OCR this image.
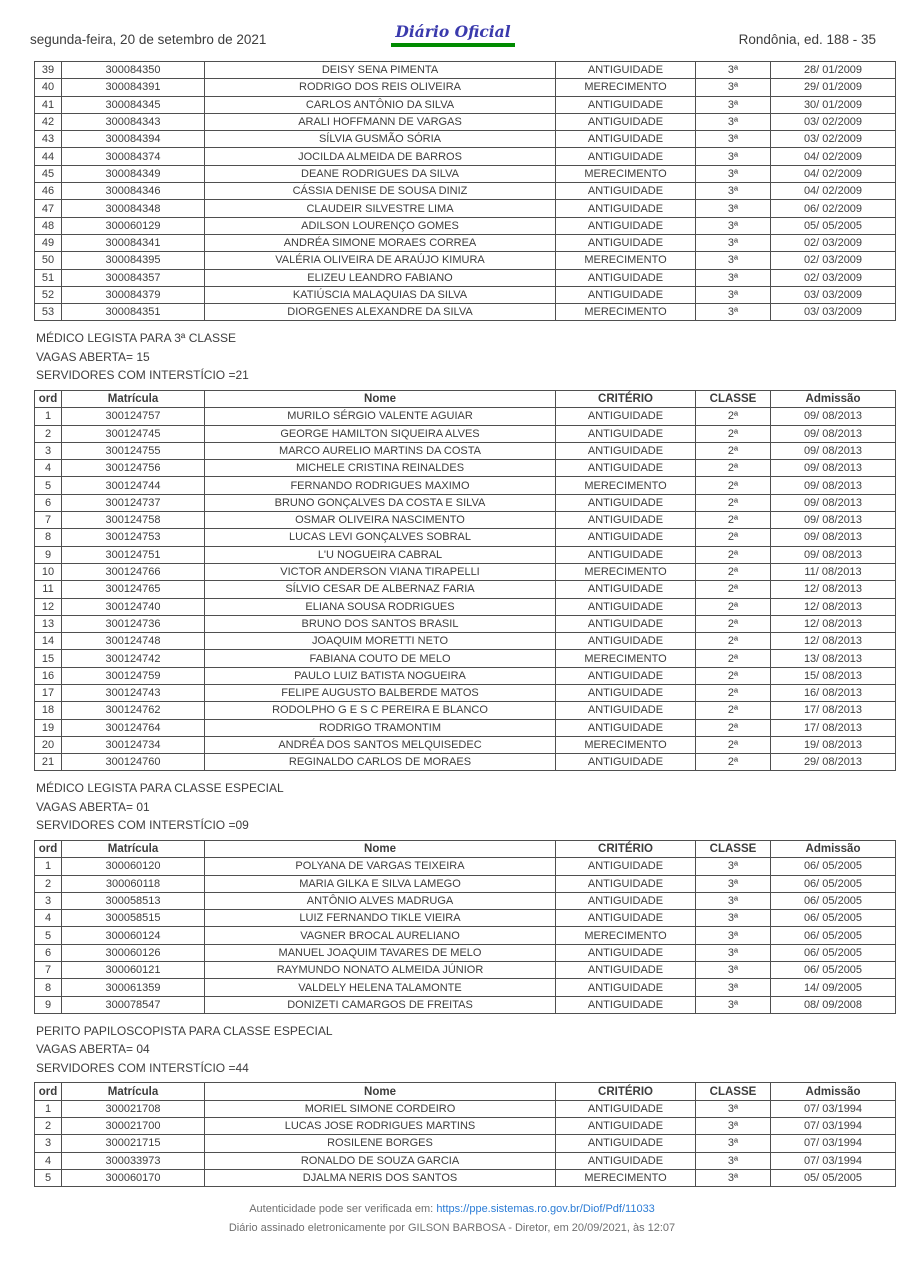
segunda-feira, 20 de setembro de 2021	Diário Oficial	Rondônia, ed. 188 - 35
39	300084350	DEISY SENA PIMENTA	ANTIGUIDADE	3ª	28/ 01/2009
40	300084391	RODRIGO DOS REIS OLIVEIRA	MERECIMENTO	3ª	29/ 01/2009
41	300084345	CARLOS ANTÔNIO DA SILVA	ANTIGUIDADE	3ª	30/ 01/2009
42	300084343	ARALI HOFFMANN DE VARGAS	ANTIGUIDADE	3ª	03/ 02/2009
43	300084394	SÍLVIA GUSMÃO SÓRIA	ANTIGUIDADE	3ª	03/ 02/2009
44	300084374	JOCILDA ALMEIDA DE BARROS	ANTIGUIDADE	3ª	04/ 02/2009
45	300084349	DEANE RODRIGUES DA SILVA	MERECIMENTO	3ª	04/ 02/2009
46	300084346	CÁSSIA DENISE DE SOUSA DINIZ	ANTIGUIDADE	3ª	04/ 02/2009
47	300084348	CLAUDEIR SILVESTRE LIMA	ANTIGUIDADE	3ª	06/ 02/2009
48	300060129	ADILSON LOURENÇO GOMES	ANTIGUIDADE	3ª	05/ 05/2005
49	300084341	ANDRÉA SIMONE MORAES CORREA	ANTIGUIDADE	3ª	02/ 03/2009
50	300084395	VALÉRIA OLIVEIRA DE ARAÚJO KIMURA	MERECIMENTO	3ª	02/ 03/2009
51	300084357	ELIZEU LEANDRO FABIANO	ANTIGUIDADE	3ª	02/ 03/2009
52	300084379	KATIÚSCIA MALAQUIAS DA SILVA	ANTIGUIDADE	3ª	03/ 03/2009
53	300084351	DIORGENES ALEXANDRE DA SILVA	MERECIMENTO	3ª	03/ 03/2009
MÉDICO LEGISTA PARA 3ª CLASSE
VAGAS ABERTA= 15
SERVIDORES COM INTERSTÍCIO =21
ord	Matrícula	Nome	CRITÉRIO	CLASSE	Admissão
1	300124757	MURILO SÉRGIO VALENTE AGUIAR	ANTIGUIDADE	2ª	09/ 08/2013
2	300124745	GEORGE HAMILTON SIQUEIRA ALVES	ANTIGUIDADE	2ª	09/ 08/2013
3	300124755	MARCO AURELIO MARTINS DA COSTA	ANTIGUIDADE	2ª	09/ 08/2013
4	300124756	MICHELE CRISTINA REINALDES	ANTIGUIDADE	2ª	09/ 08/2013
5	300124744	FERNANDO RODRIGUES MAXIMO	MERECIMENTO	2ª	09/ 08/2013
6	300124737	BRUNO GONÇALVES DA COSTA E SILVA	ANTIGUIDADE	2ª	09/ 08/2013
7	300124758	OSMAR OLIVEIRA NASCIMENTO	ANTIGUIDADE	2ª	09/ 08/2013
8	300124753	LUCAS LEVI GONÇALVES SOBRAL	ANTIGUIDADE	2ª	09/ 08/2013
9	300124751	L'U NOGUEIRA CABRAL	ANTIGUIDADE	2ª	09/ 08/2013
10	300124766	VICTOR ANDERSON VIANA TIRAPELLI	MERECIMENTO	2ª	11/ 08/2013
11	300124765	SÍLVIO CESAR DE ALBERNAZ FARIA	ANTIGUIDADE	2ª	12/ 08/2013
12	300124740	ELIANA SOUSA RODRIGUES	ANTIGUIDADE	2ª	12/ 08/2013
13	300124736	BRUNO DOS SANTOS BRASIL	ANTIGUIDADE	2ª	12/ 08/2013
14	300124748	JOAQUIM MORETTI NETO	ANTIGUIDADE	2ª	12/ 08/2013
15	300124742	FABIANA COUTO DE MELO	MERECIMENTO	2ª	13/ 08/2013
16	300124759	PAULO LUIZ BATISTA NOGUEIRA	ANTIGUIDADE	2ª	15/ 08/2013
17	300124743	FELIPE AUGUSTO BALBERDE MATOS	ANTIGUIDADE	2ª	16/ 08/2013
18	300124762	RODOLPHO G E S C PEREIRA E BLANCO	ANTIGUIDADE	2ª	17/ 08/2013
19	300124764	RODRIGO TRAMONTIM	ANTIGUIDADE	2ª	17/ 08/2013
20	300124734	ANDRÉA DOS SANTOS MELQUISEDEC	MERECIMENTO	2ª	19/ 08/2013
21	300124760	REGINALDO CARLOS DE MORAES	ANTIGUIDADE	2ª	29/ 08/2013
MÉDICO LEGISTA PARA CLASSE ESPECIAL
VAGAS ABERTA= 01
SERVIDORES COM INTERSTÍCIO =09
ord	Matrícula	Nome	CRITÉRIO	CLASSE	Admissão
1	300060120	POLYANA DE VARGAS TEIXEIRA	ANTIGUIDADE	3ª	06/ 05/2005
2	300060118	MARIA GILKA E SILVA LAMEGO	ANTIGUIDADE	3ª	06/ 05/2005
3	300058513	ANTÔNIO ALVES MADRUGA	ANTIGUIDADE	3ª	06/ 05/2005
4	300058515	LUIZ FERNANDO TIKLE VIEIRA	ANTIGUIDADE	3ª	06/ 05/2005
5	300060124	VAGNER BROCAL AURELIANO	MERECIMENTO	3ª	06/ 05/2005
6	300060126	MANUEL JOAQUIM TAVARES DE MELO	ANTIGUIDADE	3ª	06/ 05/2005
7	300060121	RAYMUNDO NONATO ALMEIDA JÚNIOR	ANTIGUIDADE	3ª	06/ 05/2005
8	300061359	VALDELY HELENA TALAMONTE	ANTIGUIDADE	3ª	14/ 09/2005
9	300078547	DONIZETI CAMARGOS DE FREITAS	ANTIGUIDADE	3ª	08/ 09/2008
PERITO PAPILOSCOPISTA PARA CLASSE ESPECIAL
VAGAS ABERTA= 04
SERVIDORES COM INTERSTÍCIO =44
ord	Matrícula	Nome	CRITÉRIO	CLASSE	Admissão
1	300021708	MORIEL SIMONE CORDEIRO	ANTIGUIDADE	3ª	07/ 03/1994
2	300021700	LUCAS JOSE RODRIGUES MARTINS	ANTIGUIDADE	3ª	07/ 03/1994
3	300021715	ROSILENE BORGES	ANTIGUIDADE	3ª	07/ 03/1994
4	300033973	RONALDO DE SOUZA GARCIA	ANTIGUIDADE	3ª	07/ 03/1994
5	300060170	DJALMA NERIS DOS SANTOS	MERECIMENTO	3ª	05/ 05/2005
Autenticidade pode ser verificada em: https://ppe.sistemas.ro.gov.br/Diof/Pdf/11033
Diário assinado eletronicamente por GILSON BARBOSA - Diretor, em 20/09/2021, às 12:07
